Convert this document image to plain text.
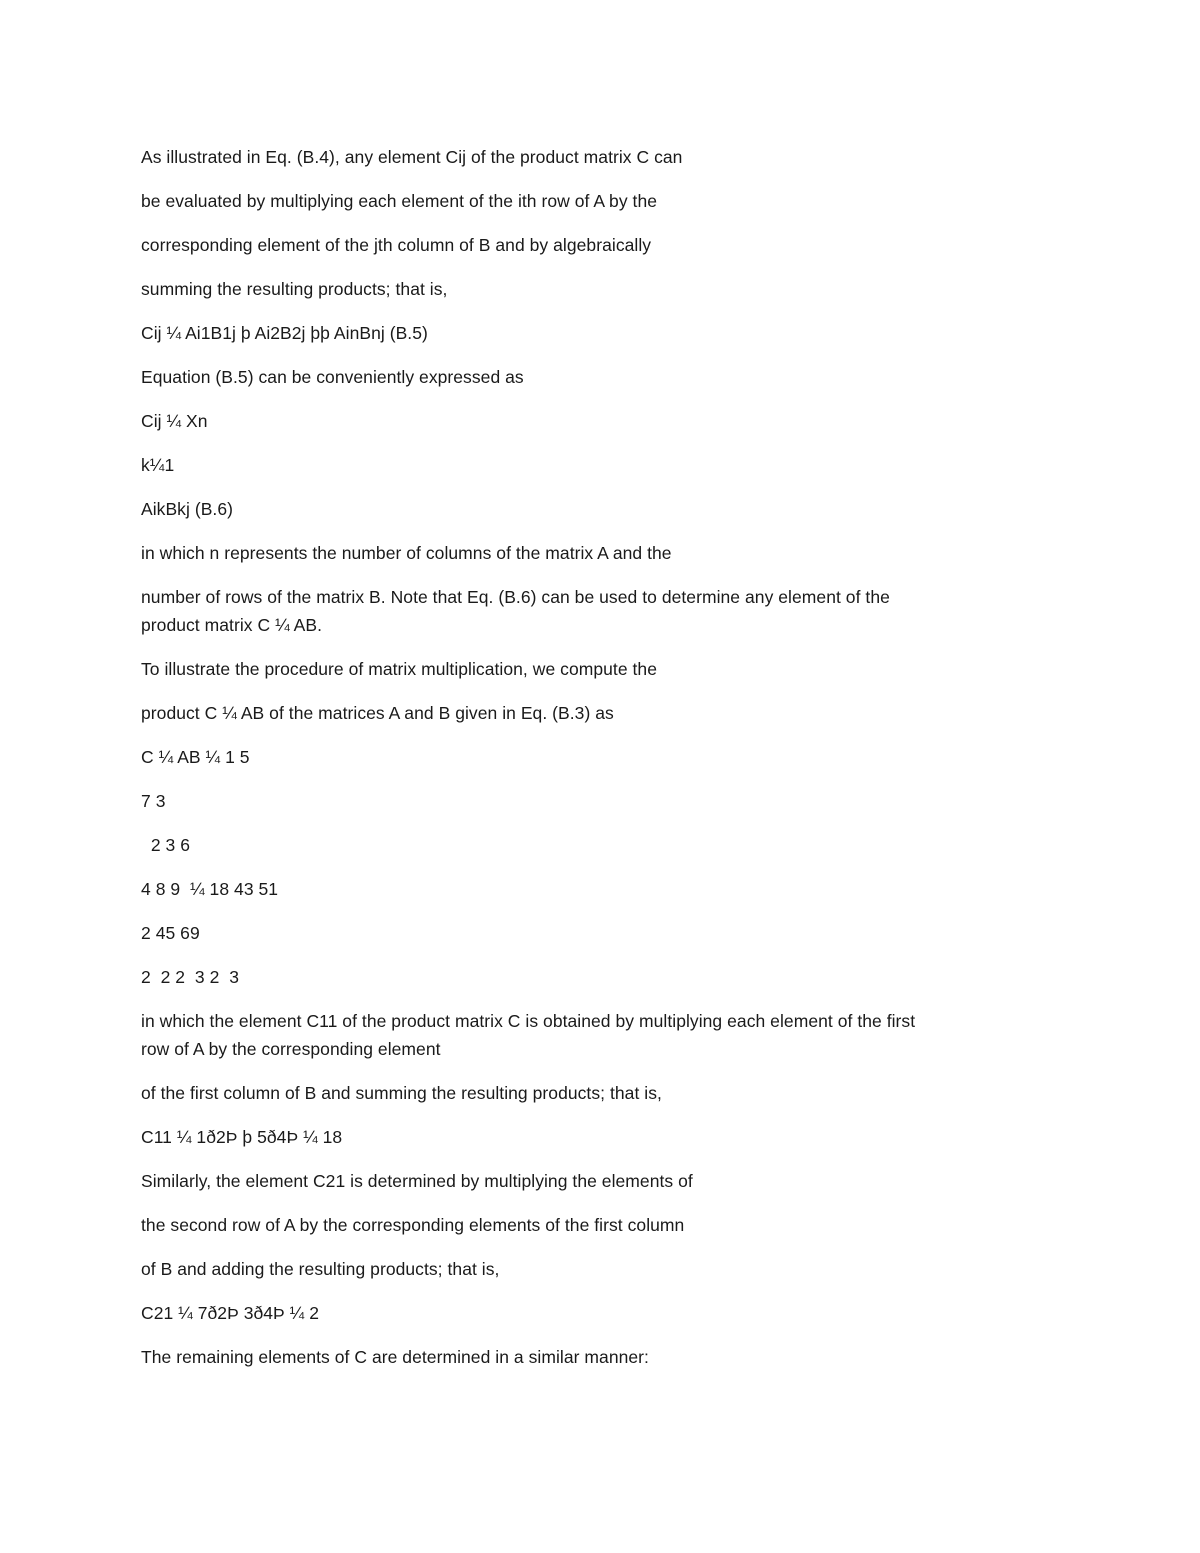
As illustrated in Eq. (B.4), any element Cij of the product matrix C can

be evaluated by multiplying each element of the ith row of A by the

corresponding element of the jth column of B and by algebraically

summing the resulting products; that is,

Cij ¼ Ai1B1j þ Ai2B2j þþ AinBnj (B.5)

Equation (B.5) can be conveniently expressed as

Cij ¼ Xn

k¼1

AikBkj (B.6)

in which n represents the number of columns of the matrix A and the

number of rows of the matrix B. Note that Eq. (B.6) can be used to determine any element of the
product matrix C ¼ AB.

To illustrate the procedure of matrix multiplication, we compute the

product C ¼ AB of the matrices A and B given in Eq. (B.3) as

C ¼ AB ¼ 1 5

7 3

2 3 6

4 8 9  ¼ 18 43 51

2 45 69

2  2 2  3 2  3

in which the element C11 of the product matrix C is obtained by multiplying each element of the first
row of A by the corresponding element

of the first column of B and summing the resulting products; that is,

C11 ¼ 1ð2Þ þ 5ð4Þ ¼ 18

Similarly, the element C21 is determined by multiplying the elements of

the second row of A by the corresponding elements of the first column

of B and adding the resulting products; that is,

C21 ¼ 7ð2Þ 3ð4Þ ¼ 2

The remaining elements of C are determined in a similar manner:
